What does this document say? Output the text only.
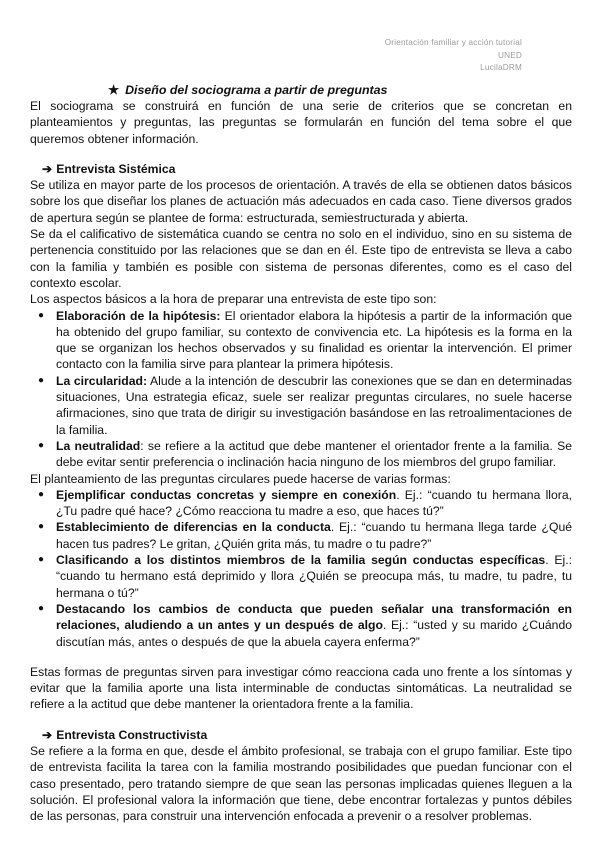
Orientación familiar y acción tutorial
UNED
LucilaDRM
★ Diseño del sociograma a partir de preguntas

El sociograma se construirá en función de una serie de criterios que se concretan en planteamientos y preguntas, las preguntas se formularán en función del tema sobre el que queremos obtener información.

➔ Entrevista Sistémica

Se utiliza en mayor parte de los procesos de orientación. A través de ella se obtienen datos básicos sobre los que diseñar los planes de actuación más adecuados en cada caso. Tiene diversos grados de apertura según se plantee de forma: estructurada, semiestructurada y abierta.

Se da el calificativo de sistemática cuando se centra no solo en el individuo, sino en su sistema de pertenencia constituido por las relaciones que se dan en él. Este tipo de entrevista se lleva a cabo con la familia y también es posible con sistema de personas diferentes, como es el caso del contexto escolar.

Los aspectos básicos a la hora de preparar una entrevista de este tipo son:

● Elaboración de la hipótesis: El orientador elabora la hipótesis a partir de la información que ha obtenido del grupo familiar, su contexto de convivencia etc. La hipótesis es la forma en la que se organizan los hechos observados y su finalidad es orientar la intervención. El primer contacto con la familia sirve para plantear la primera hipótesis.
● La circularidad: Alude a la intención de descubrir las conexiones que se dan en determinadas situaciones, Una estrategia eficaz, suele ser realizar preguntas circulares, no suele hacerse afirmaciones, sino que trata de dirigir su investigación basándose en las retroalimentaciones de la familia.
● La neutralidad: se refiere a la actitud que debe mantener el orientador frente a la familia. Se debe evitar sentir preferencia o inclinación hacia ninguno de los miembros del grupo familiar.

El planteamiento de las preguntas circulares puede hacerse de varias formas:

● Ejemplificar conductas concretas y siempre en conexión. Ej.: “cuando tu hermana llora, ¿Tu padre qué hace? ¿Cómo reacciona tu madre a eso, que haces tú?”
● Establecimiento de diferencias en la conducta. Ej.: “cuando tu hermana llega tarde ¿Qué hacen tus padres? Le gritan, ¿Quién grita más, tu madre o tu padre?”
● Clasificando a los distintos miembros de la familia según conductas específicas. Ej.: “cuando tu hermano está deprimido y llora ¿Quién se preocupa más, tu madre, tu padre, tu hermana o tú?”
● Destacando los cambios de conducta que pueden señalar una transformación en relaciones, aludiendo a un antes y un después de algo. Ej.: “usted y su marido ¿Cuándo discutían más, antes o después de que la abuela cayera enferma?”

Estas formas de preguntas sirven para investigar cómo reacciona cada uno frente a los síntomas y evitar que la familia aporte una lista interminable de conductas sintomáticas. La neutralidad se refiere a la actitud que debe mantener la orientadora frente a la familia.

➔ Entrevista Constructivista

Se refiere a la forma en que, desde el ámbito profesional, se trabaja con el grupo familiar. Este tipo de entrevista facilita la tarea con la familia mostrando posibilidades que puedan funcionar con el caso presentado, pero tratando siempre de que sean las personas implicadas quienes lleguen a la solución. El profesional valora la información que tiene, debe encontrar fortalezas y puntos débiles de las personas, para construir una intervención enfocada a prevenir o a resolver problemas.
